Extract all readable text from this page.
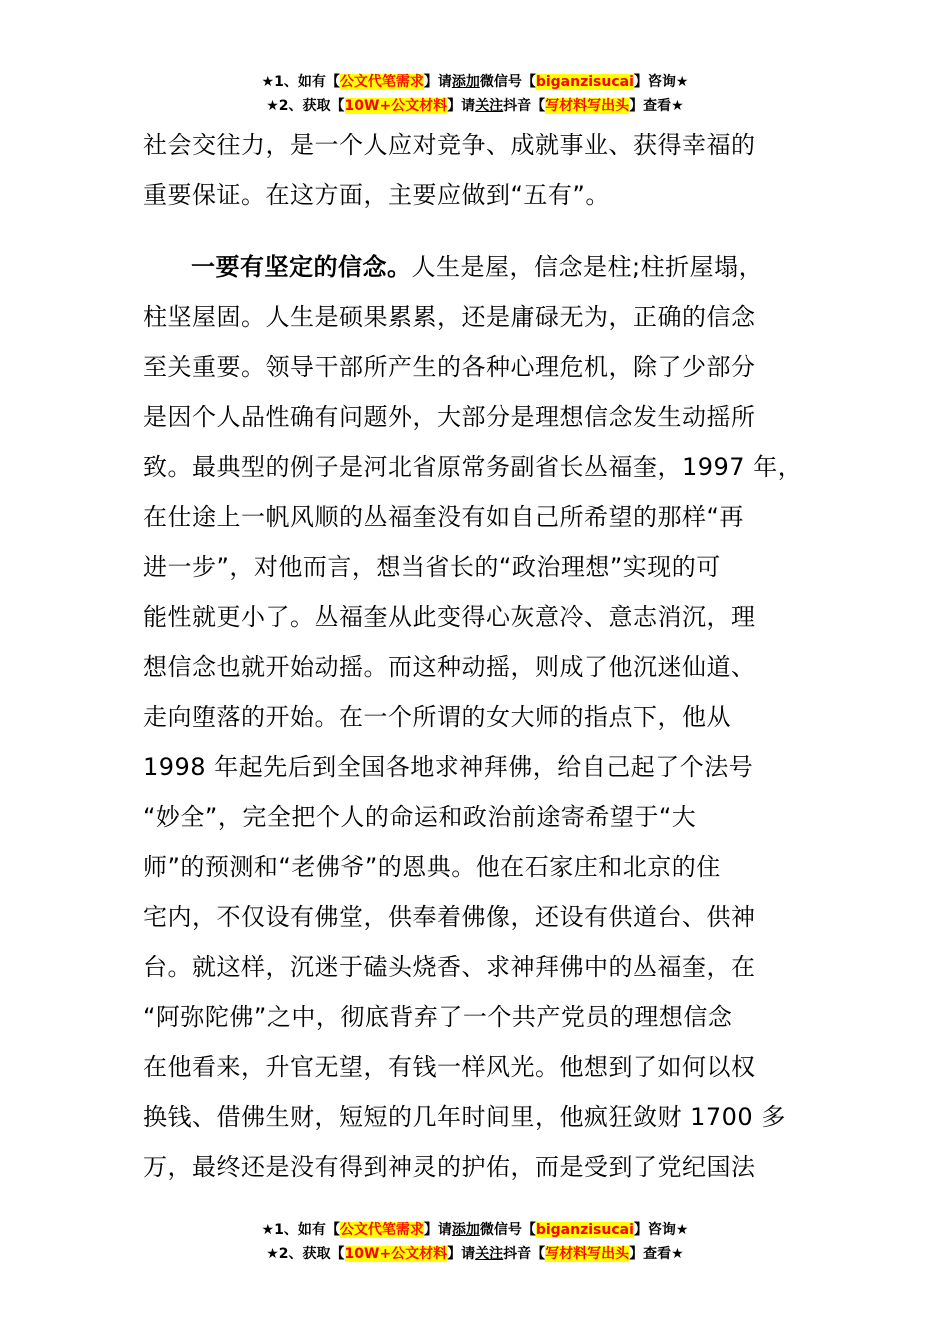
★1、如有【公文代笔需求】请添加微信号【biganzisucai】咨询★
★2、获取【10W+公文材料】请关注抖音【写材料写出头】查看★
社会交往力，是一个人应对竞争、成就事业、获得幸福的
重要保证。在这方面，主要应做到“五有”。
一要有坚定的信念。人生是屋，信念是柱;柱折屋塌，
柱坚屋固。人生是硕果累累，还是庸碌无为，正确的信念
至关重要。领导干部所产生的各种心理危机，除了少部分
是因个人品性确有问题外，大部分是理想信念发生动摇所
致。最典型的例子是河北省原常务副省长丛福奎，1997 年，
在仕途上一帆风顺的丛福奎没有如自己所希望的那样“再
进一步”，对他而言，想当省长的“政治理想”实现的可
能性就更小了。丛福奎从此变得心灰意冷、意志消沉，理
想信念也就开始动摇。而这种动摇，则成了他沉迷仙道、
走向堕落的开始。在一个所谓的女大师的指点下，他从
1998 年起先后到全国各地求神拜佛，给自己起了个法号
“妙全”，完全把个人的命运和政治前途寄希望于“大
师”的预测和“老佛爷”的恩典。他在石家庄和北京的住
宅内，不仅设有佛堂，供奉着佛像，还设有供道台、供神
台。就这样，沉迷于磕头烧香、求神拜佛中的丛福奎，在
“阿弥陀佛”之中，彻底背弃了一个共产党员的理想信念
在他看来，升官无望，有钱一样风光。他想到了如何以权
换钱、借佛生财，短短的几年时间里，他疯狂敛财 1700 多
万，最终还是没有得到神灵的护佑，而是受到了党纪国法
★1、如有【公文代笔需求】请添加微信号【biganzisucai】咨询★
★2、获取【10W+公文材料】请关注抖音【写材料写出头】查看★
